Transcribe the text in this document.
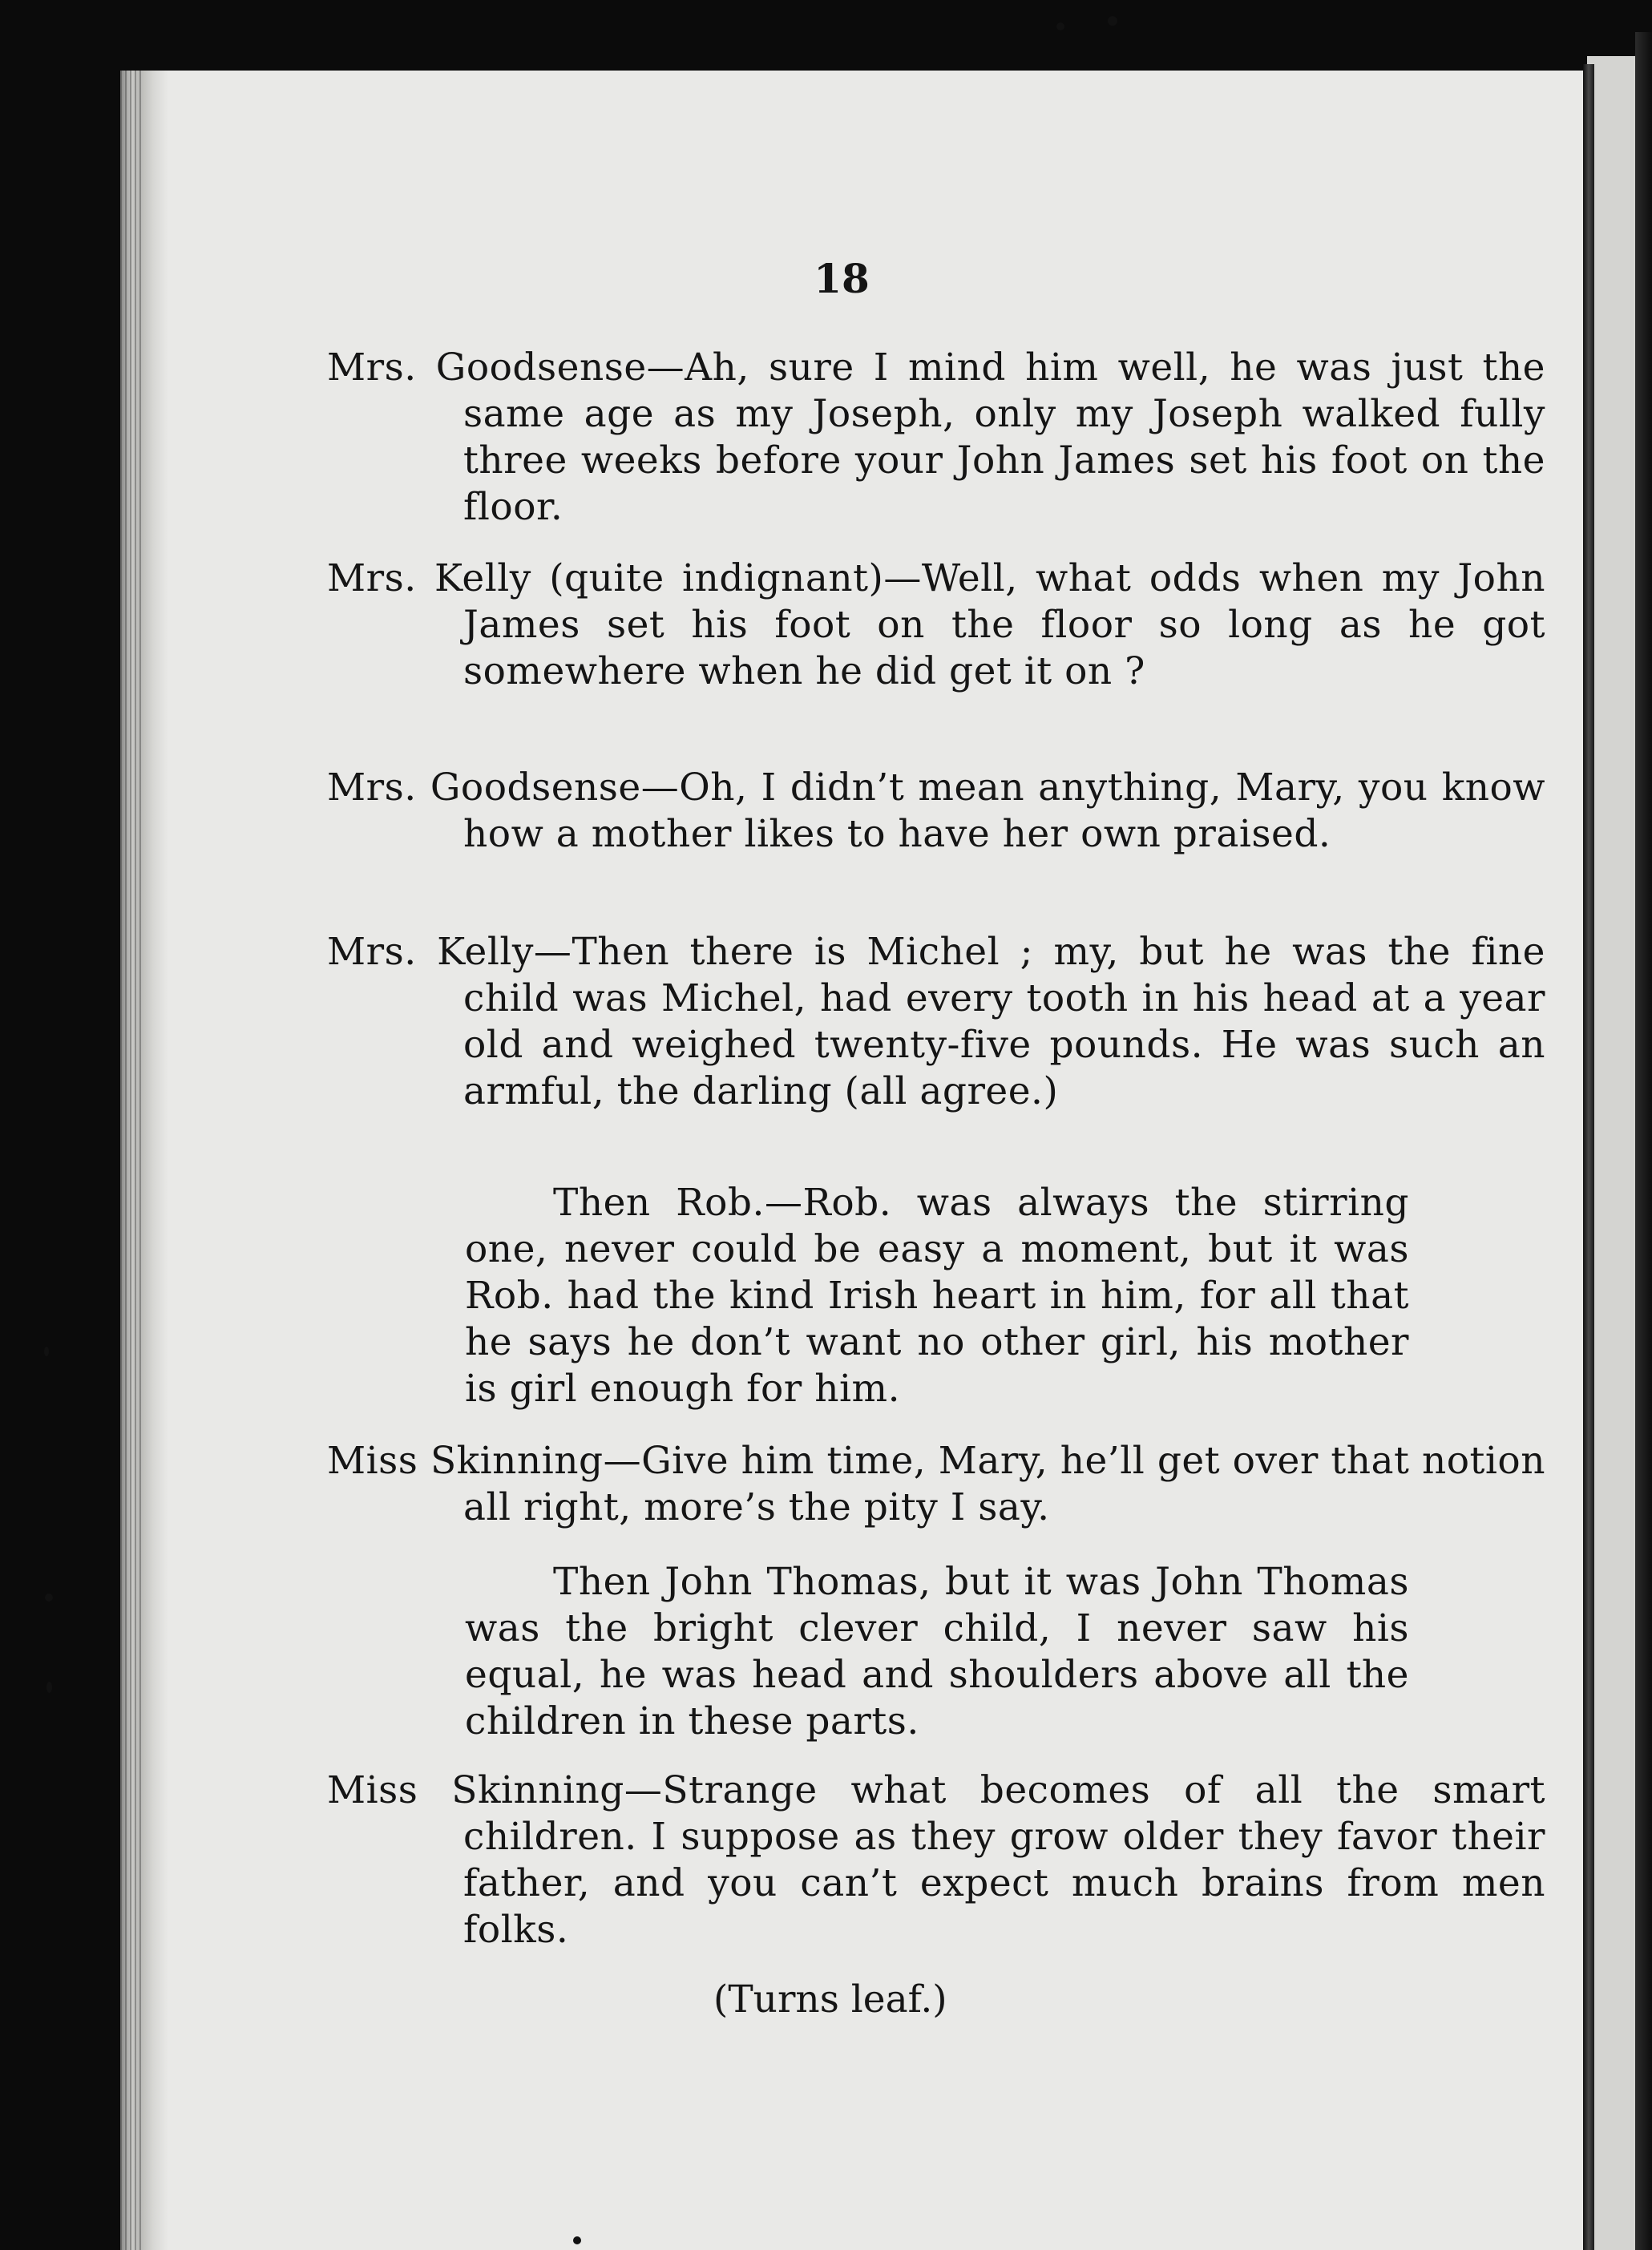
18
Mrs. Goodsense—Ah, sure I mind him well, he was just the same age as my Joseph, only my Joseph walked fully three weeks before your John James set his foot on the floor.
Mrs. Kelly (quite indignant)—Well, what odds when my John James set his foot on the floor so long as he got somewhere when he did get it on ?
Mrs. Goodsense—Oh, I didn’t mean anything, Mary, you know how a mother likes to have her own praised.
Mrs. Kelly—Then there is Michel ; my, but he was the fine child was Michel, had every tooth in his head at a year old and weighed twenty-five pounds. He was such an armful, the darling (all agree.)
Then Rob.—Rob. was always the stirring one, never could be easy a moment, but it was Rob. had the kind Irish heart in him, for all that he says he don’t want no other girl, his mother is girl enough for him.
Miss Skinning—Give him time, Mary, he’ll get over that notion all right, more’s the pity I say.
Then John Thomas, but it was John Thomas was the bright clever child, I never saw his equal, he was head and shoulders above all the children in these parts.
Miss Skinning—Strange what becomes of all the smart children. I suppose as they grow older they favor their father, and you can’t expect much brains from men folks.
(Turns leaf.)
